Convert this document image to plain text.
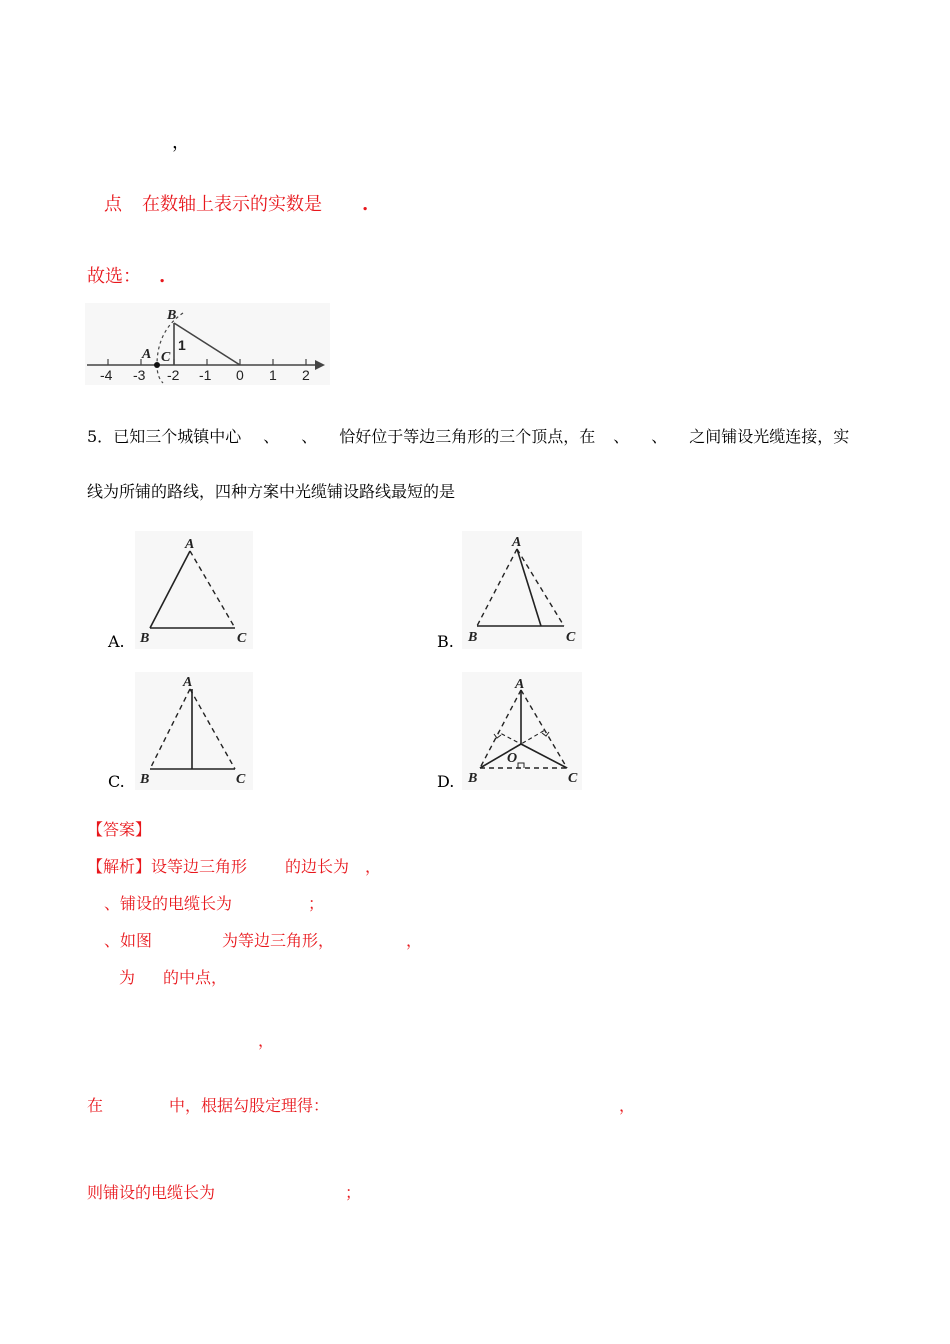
，
点 在数轴上表示的实数是 .
故选： .
B
A C
1
-4 -3 -2 -1 0 1 2
5．已知三个城镇中心 、 、 恰好位于等边三角形的三个顶点，在 、 、 之间铺设光缆连接，实
线为所铺的路线，四种方案中光缆铺设路线最短的是
A.
A
B	C	B.
A
B	C
C.
A
B	C	D.
A
B	C
O
【答案】
【解析】设等边三角形 的边长为 ，
、铺设的电缆长为	；
、如图	为等边三角形，	，
为 的中点，
，
在	中，根据勾股定理得：	，
则铺设的电缆长为	；
